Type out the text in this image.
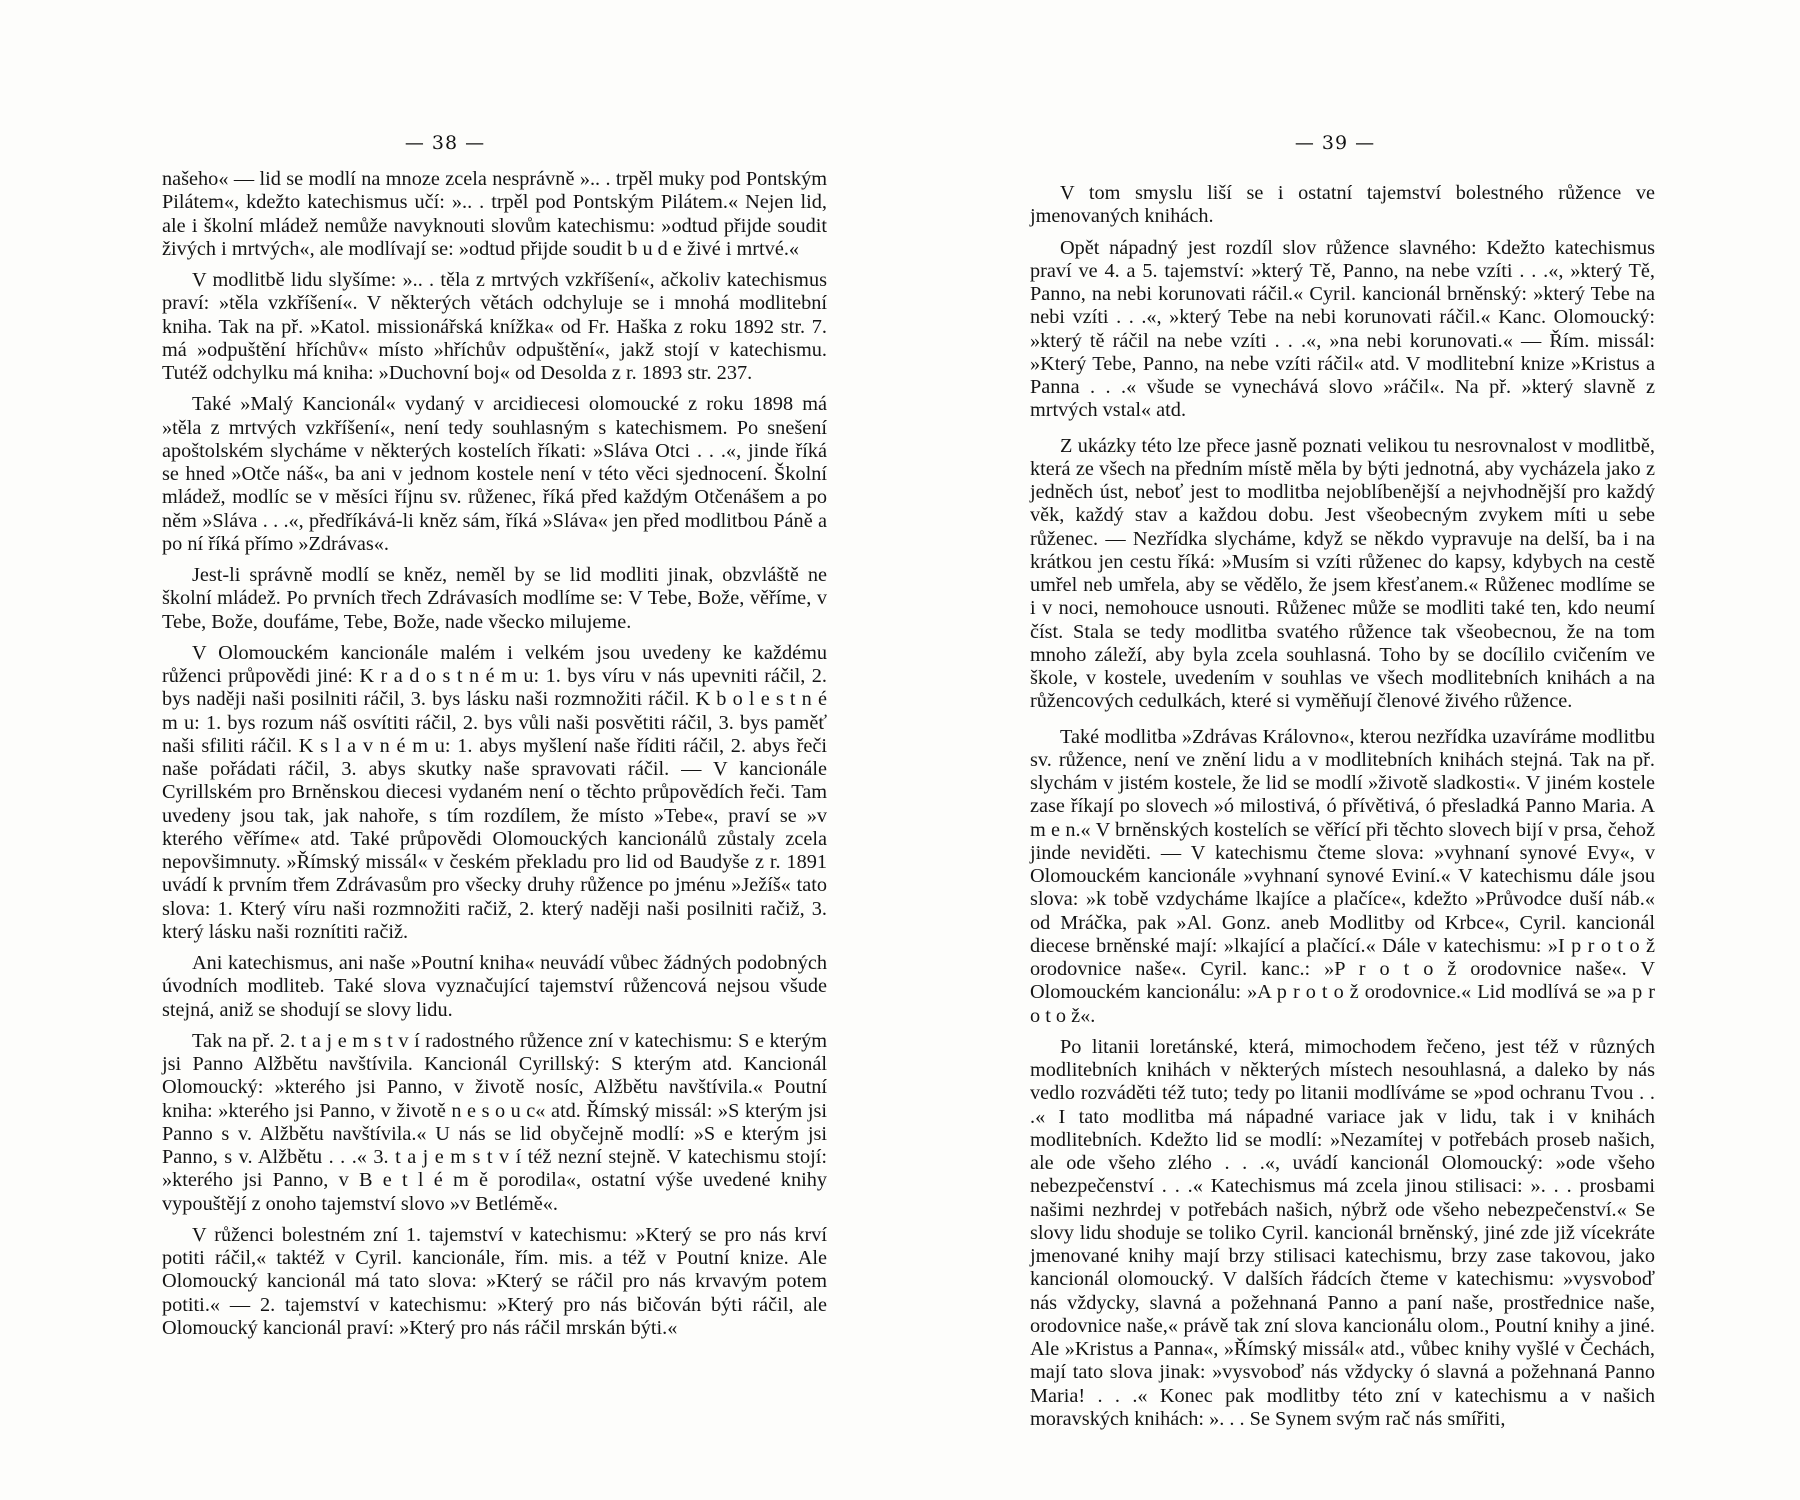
— 38 —

našeho« — lid se modlí na mnoze zcela nesprávně ».. . trpěl muky pod Pontským Pilátem«, kdežto katechismus učí: ».. . trpěl pod Pontským Pilátem.« Nejen lid, ale i školní mládež nemůže navyknouti slovům katechismu: »odtud přijde soudit živých i mrtvých«, ale modlívají se: »odtud přijde soudit b u d e živé i mrtvé.«

V modlitbě lidu slyšíme: ».. . těla z mrtvých vzkříšení«, ačkoliv katechismus praví: »těla vzkříšení«. V některých větách odchyluje se i mnohá modlitební kniha. Tak na př. »Katol. missionářská knížka« od Fr. Haška z roku 1892 str. 7. má »odpuštění hříchův« místo »hříchův odpuštění«, jakž stojí v katechismu. Tutéž odchylku má kniha: »Duchovní boj« od Desolda z r. 1893 str. 237.

Také »Malý Kancionál« vydaný v arcidiecesi olomoucké z roku 1898 má »těla z mrtvých vzkříšení«, není tedy souhlasným s katechismem. Po snešení apoštolském slycháme v některých kostelích říkati: »Sláva Otci . . .«, jinde říká se hned »Otče náš«, ba ani v jednom kostele není v této věci sjednocení. Školní mládež, modlíc se v měsíci říjnu sv. růženec, říká před každým Otčenášem a po něm »Sláva . . .«, předříkává-li kněz sám, říká »Sláva« jen před modlitbou Páně a po ní říká přímo »Zdrávas«.

Jest-li správně modlí se kněz, neměl by se lid modliti jinak, obzvláště ne školní mládež. Po prvních třech Zdrávasích modlíme se: V Tebe, Bože, věříme, v Tebe, Bože, doufáme, Tebe, Bože, nade všecko milujeme.

V Olomouckém kancionále malém i velkém jsou uvedeny ke každému růženci průpovědi jiné: K r a d o s t n é m u: 1. bys víru v nás upevniti ráčil, 2. bys naději naši posilniti ráčil, 3. bys lásku naši rozmnožiti ráčil. K b o l e s t n é m u: 1. bys rozum náš osvítiti ráčil, 2. bys vůli naši posvětiti ráčil, 3. bys paměť naši sfiliti ráčil. K s l a v n é m u: 1. abys myšlení naše říditi ráčil, 2. abys řeči naše pořádati ráčil, 3. abys skutky naše spravovati ráčil. — V kancionále Cyrillském pro Brněnskou diecesi vydaném není o těchto průpovědích řeči. Tam uvedeny jsou tak, jak nahoře, s tím rozdílem, že místo »Tebe«, praví se »v kterého věříme« atd. Také průpovědi Olomouckých kancionálů zůstaly zcela nepovšimnuty. »Římský missál« v českém překladu pro lid od Baudyše z r. 1891 uvádí k prvním třem Zdrávasům pro všecky druhy růžence po jménu »Ježíš« tato slova: 1. Který víru naši rozmnožiti račiž, 2. který naději naši posilniti račiž, 3. který lásku naši roznítiti račiž.

Ani katechismus, ani naše »Poutní kniha« neuvádí vůbec žádných podobných úvodních modliteb. Také slova vyznačující tajemství růžencová nejsou všude stejná, aniž se shodují se slovy lidu.

Tak na př. 2. t a j e m s t v í radostného růžence zní v katechismu: S e kterým jsi Panno Alžbětu navštívila. Kancionál Cyrillský: S kterým atd. Kancionál Olomoucký: »kterého jsi Panno, v životě nosíc, Alžbětu navštívila.« Poutní kniha: »kterého jsi Panno, v životě n e s o u c« atd. Římský missál: »S kterým jsi Panno s v. Alžbětu navštívila.« U nás se lid obyčejně modlí: »S e kterým jsi Panno, s v. Alžbětu . . .« 3. t a j e m s t v í též nezní stejně. V katechismu stojí: »kterého jsi Panno, v B e t l é m ě porodila«, ostatní výše uvedené knihy vypouštějí z onoho tajemství slovo »v Betlémě«.

V růženci bolestném zní 1. tajemství v katechismu: »Který se pro nás krví potiti ráčil,« taktéž v Cyril. kancionále, řím. mis. a též v Poutní knize. Ale Olomoucký kancionál má tato slova: »Který se ráčil pro nás krvavým potem potiti.« — 2. tajemství v katechismu: »Který pro nás bičován býti ráčil, ale Olomoucký kancionál praví: »Který pro nás ráčil mrskán býti.«

— 39 —

V tom smyslu liší se i ostatní tajemství bolestného růžence ve jmenovaných knihách.

Opět nápadný jest rozdíl slov růžence slavného: Kdežto katechismus praví ve 4. a 5. tajemství: »který Tě, Panno, na nebe vzíti . . .«, »který Tě, Panno, na nebi korunovati ráčil.« Cyril. kancionál brněnský: »který Tebe na nebi vzíti . . .«, »který Tebe na nebi korunovati ráčil.« Kanc. Olomoucký: »který tě ráčil na nebe vzíti . . .«, »na nebi korunovati.« — Řím. missál: »Který Tebe, Panno, na nebe vzíti ráčil« atd. V modlitební knize »Kristus a Panna . . .« všude se vynechává slovo »ráčil«. Na př. »který slavně z mrtvých vstal« atd.

Z ukázky této lze přece jasně poznati velikou tu nesrovnalost v modlitbě, která ze všech na předním místě měla by býti jednotná, aby vycházela jako z jedněch úst, neboť jest to modlitba nejoblíbenější a nejvhodnější pro každý věk, každý stav a každou dobu. Jest všeobecným zvykem míti u sebe růženec. — Nezřídka slycháme, když se někdo vypravuje na delší, ba i na krátkou jen cestu říká: »Musím si vzíti růženec do kapsy, kdybych na cestě umřel neb umřela, aby se vědělo, že jsem křesťanem.« Růženec modlíme se i v noci, nemohouce usnouti. Růženec může se modliti také ten, kdo neumí číst. Stala se tedy modlitba svatého růžence tak všeobecnou, že na tom mnoho záleží, aby byla zcela souhlasná. Toho by se docílilo cvičením ve škole, v kostele, uvedením v souhlas ve všech modlitebních knihách a na růžencových cedulkách, které si vyměňují členové živého růžence.

Také modlitba »Zdrávas Královno«, kterou nezřídka uzavíráme modlitbu sv. růžence, není ve znění lidu a v modlitebních knihách stejná. Tak na př. slychám v jistém kostele, že lid se modlí »životě sladkosti«. V jiném kostele zase říkají po slovech »ó milostivá, ó přívětivá, ó přesladká Panno Maria. A m e n.« V brněnských kostelích se věřící při těchto slovech bijí v prsa, čehož jinde neviděti. — V katechismu čteme slova: »vyhnaní synové Evy«, v Olomouckém kancionále »vyhnaní synové Eviní.« V katechismu dále jsou slova: »k tobě vzdycháme lkajíce a plačíce«, kdežto »Průvodce duší náb.« od Mráčka, pak »Al. Gonz. aneb Modlitby od Krbce«, Cyril. kancionál diecese brněnské mají: »lkající a plačící.« Dále v katechismu: »I p r o t o ž orodovnice naše«. Cyril. kanc.: »P r o t o ž orodovnice naše«. V Olomouckém kancionálu: »A p r o t o ž orodovnice.« Lid modlívá se »a p r o t o ž«.

Po litanii loretánské, která, mimochodem řečeno, jest též v různých modlitebních knihách v některých místech nesouhlasná, a daleko by nás vedlo rozváděti též tuto; tedy po litanii modlíváme se »pod ochranu Tvou . . .« I tato modlitba má nápadné variace jak v lidu, tak i v knihách modlitebních. Kdežto lid se modlí: »Nezamítej v potřebách proseb našich, ale ode všeho zlého . . .«, uvádí kancionál Olomoucký: »ode všeho nebezpečenství . . .« Katechismus má zcela jinou stilisaci: ». . . prosbami našimi nezhrdej v potřebách našich, nýbrž ode všeho nebezpečenství.« Se slovy lidu shoduje se toliko Cyril. kancionál brněnský, jiné zde již vícekráte jmenované knihy mají brzy stilisaci katechismu, brzy zase takovou, jako kancionál olomoucký. V dalších řádcích čteme v katechismu: »vysvoboď nás vždycky, slavná a požehnaná Panno a paní naše, prostřednice naše, orodovnice naše,« právě tak zní slova kancionálu olom., Poutní knihy a jiné. Ale »Kristus a Panna«, »Římský missál« atd., vůbec knihy vyšlé v Čechách, mají tato slova jinak: »vysvoboď nás vždycky ó slavná a požehnaná Panno Maria! . . .« Konec pak modlitby této zní v katechismu a v našich moravských knihách: ». . . Se Synem svým rač nás smířiti,
